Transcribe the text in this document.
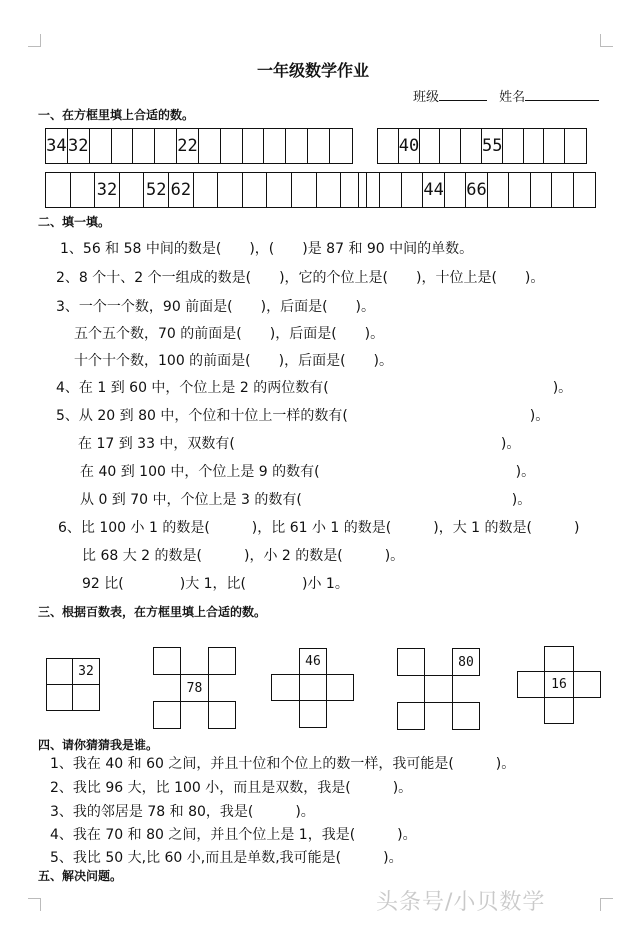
一年级数学作业
班级	姓名
一、在方框里填上合适的数。
34 32	22	40	55
32 52 62	44 66
二、填一填。
1、56 和 58 中间的数是(　　)，(　　)是 87 和 90 中间的单数。
2、8 个十、2 个一组成的数是(　　)，它的个位上是(　　)，十位上是(　　)。
3、一个一个数，90 前面是(　　)，后面是(　　)。
五个五个数，70 的前面是(　　)，后面是(　　)。
十个十个数，100 的前面是(　　)，后面是(　　)。
4、在 1 到 60 中，个位上是 2 的两位数有(　　　　　　　　　　　　　　　　)。
5、从 20 到 80 中，个位和十位上一样的数有(　　　　　　　　　　　　　)。
在 17 到 33 中，双数有(　　　　　　　　　　　　　　　　　　　)。
在 40 到 100 中，个位上是 9 的数有(　　　　　　　　　　　　　　)。
从 0 到 70 中，个位上是 3 的数有(　　　　　　　　　　　　　　　)。
6、比 100 小 1 的数是(　　　)，比 61 小 1 的数是(　　　)，大 1 的数是(　　　)
比 68 大 2 的数是(　　　)，小 2 的数是(　　　)。
92 比(　　　　)大 1，比(　　　　)小 1。
三、根据百数表，在方框里填上合适的数。
32
78
46	80
16
四、请你猜猜我是谁。
1、我在 40 和 60 之间，并且十位和个位上的数一样，我可能是(　　　)。
2、我比 96 大，比 100 小，而且是双数，我是(　　　)。
3、我的邻居是 78 和 80，我是(　　　)。
4、我在 70 和 80 之间，并且个位上是 1，我是(　　　)。
5、我比 50 大,比 60 小,而且是单数,我可能是(　　　)。
五、解决问题。
头条号/小贝数学
